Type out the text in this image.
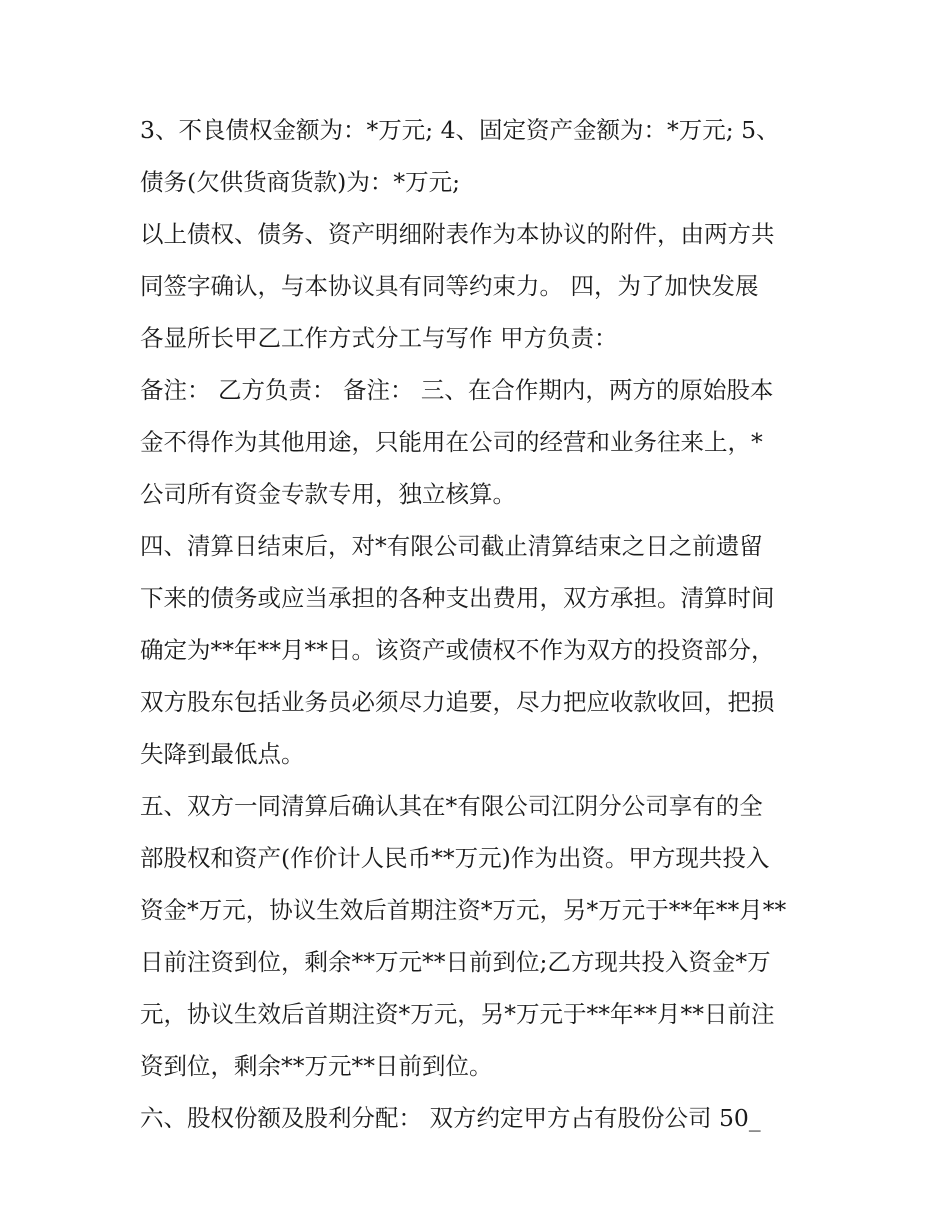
3、不良债权金额为：*万元; 4、固定资产金额为：*万元; 5、

债务(欠供货商货款)为：*万元;

以上债权、债务、资产明细附表作为本协议的附件，由两方共

同签字确认，与本协议具有同等约束力。 四，为了加快发展

各显所长甲乙工作方式分工与写作 甲方负责：

备注： 乙方负责： 备注： 三、在合作期内，两方的原始股本

金不得作为其他用途，只能用在公司的经营和业务往来上，*

公司所有资金专款专用，独立核算。

四、清算日结束后，对*有限公司截止清算结束之日之前遗留

下来的债务或应当承担的各种支出费用，双方承担。清算时间

确定为**年**月**日。该资产或债权不作为双方的投资部分，

双方股东包括业务员必须尽力追要，尽力把应收款收回，把损

失降到最低点。

五、双方一同清算后确认其在*有限公司江阴分公司享有的全

部股权和资产(作价计人民币**万元)作为出资。甲方现共投入

资金*万元，协议生效后首期注资*万元，另*万元于**年**月**

日前注资到位，剩余**万元**日前到位;乙方现共投入资金*万

元，协议生效后首期注资*万元，另*万元于**年**月**日前注

资到位，剩余**万元**日前到位。

六、股权份额及股利分配： 双方约定甲方占有股份公司 50_
